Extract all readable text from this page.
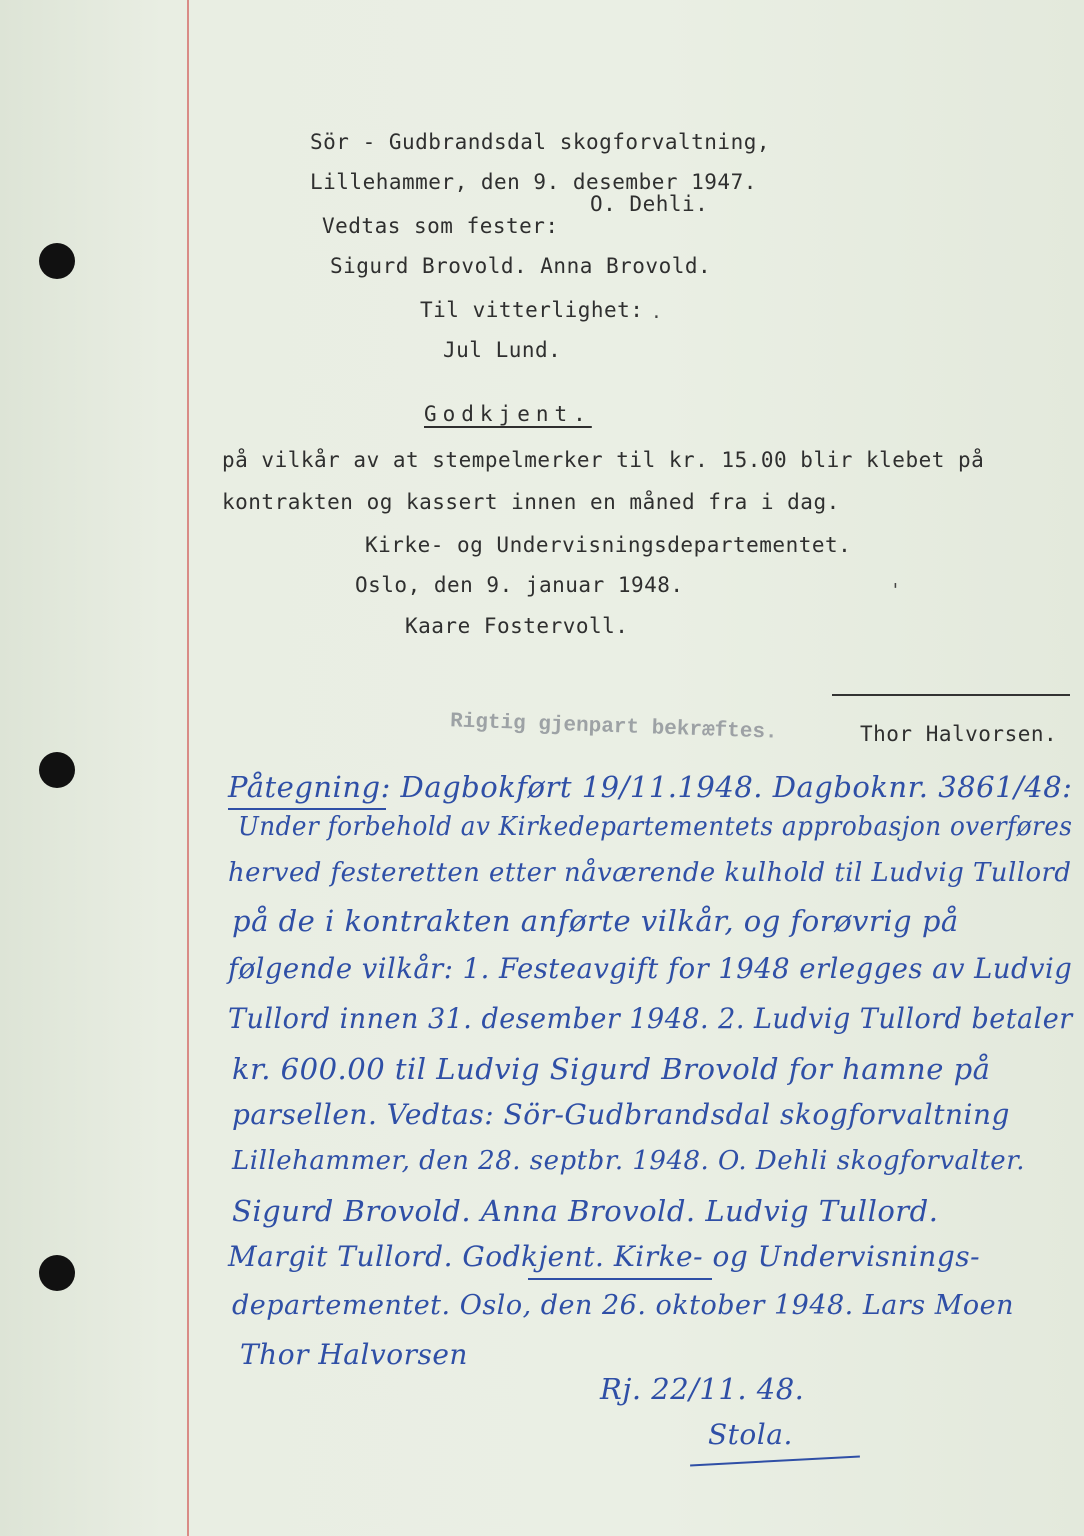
Sör - Gudbrandsdal skogforvaltning,
Lillehammer, den 9. desember 1947.
O. Dehli.
Vedtas som fester:
Sigurd Brovold. Anna Brovold.
Til vitterlighet: .
Jul Lund.
Godkjent.
på vilkår av at stempelmerker til kr. 15.00 blir klebet på
kontrakten og kassert innen en måned fra i dag.
Kirke- og Undervisningsdepartementet.
Oslo, den 9. januar 1948.	'
Kaare Fostervoll.
Thor Halvorsen.
Rigtig gjenpart bekræftes.
Påtegning: Dagbokført 19/11.1948. Dagboknr. 3861/48:
Under forbehold av Kirkedepartementets approbasjon overføres
herved festeretten etter nåværende kulhold til Ludvig Tullord
på de i kontrakten anførte vilkår, og forøvrig på
følgende vilkår: 1. Festeavgift for 1948 erlegges av Ludvig
Tullord innen 31. desember 1948. 2. Ludvig Tullord betaler
kr. 600.00 til Ludvig Sigurd Brovold for hamne på
parsellen. Vedtas: Sör-Gudbrandsdal skogforvaltning
Lillehammer, den 28. septbr. 1948. O. Dehli skogforvalter.
Sigurd Brovold. Anna Brovold. Ludvig Tullord.
Margit Tullord. Godkjent. Kirke- og Undervisnings-
departementet. Oslo, den 26. oktober 1948. Lars Moen
Thor Halvorsen
Rj. 22/11. 48.
Stola.
